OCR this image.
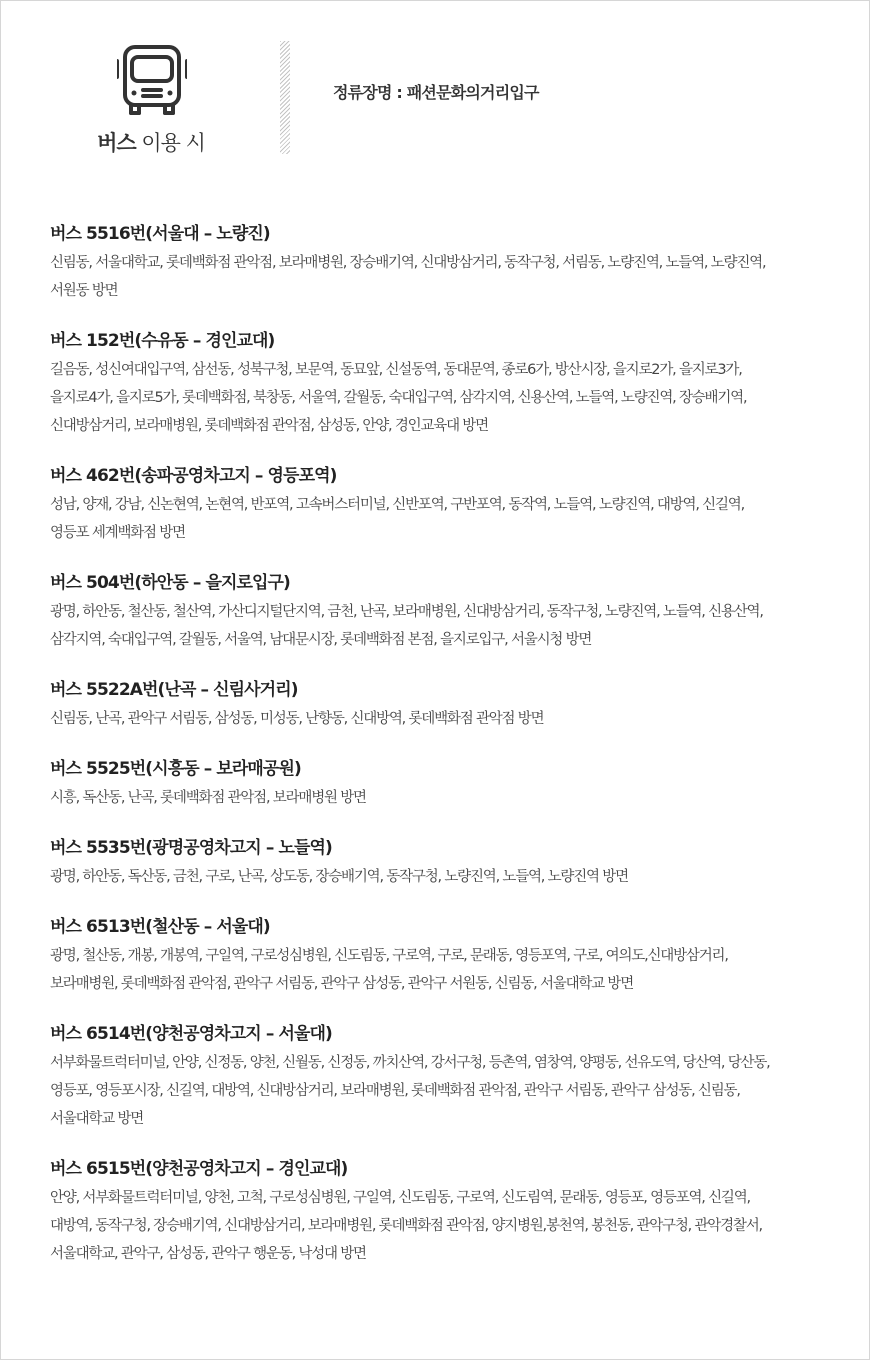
버스 이용 시
정류장명 : 패션문화의거리입구
버스 5516번(서울대 – 노량진)
신림동, 서울대학교, 롯데백화점 관악점, 보라매병원, 장승배기역, 신대방삼거리, 동작구청, 서림동, 노량진역, 노들역, 노량진역,
서원동 방면
버스 152번(수유동 – 경인교대)
길음동, 성신여대입구역, 삼선동, 성북구청, 보문역, 동묘앞, 신설동역, 동대문역, 종로6가, 방산시장, 을지로2가, 을지로3가,
을지로4가, 을지로5가, 롯데백화점, 북창동, 서울역, 갈월동, 숙대입구역, 삼각지역, 신용산역, 노들역, 노량진역, 장승배기역,
신대방삼거리, 보라매병원, 롯데백화점 관악점, 삼성동, 안양, 경인교육대 방면
버스 462번(송파공영차고지 – 영등포역)
성남, 양재, 강남, 신논현역, 논현역, 반포역, 고속버스터미널, 신반포역, 구반포역, 동작역, 노들역, 노량진역, 대방역, 신길역,
영등포 세계백화점 방면
버스 504번(하안동 – 을지로입구)
광명, 하안동, 철산동, 철산역, 가산디지털단지역, 금천, 난곡, 보라매병원, 신대방삼거리, 동작구청, 노량진역, 노들역, 신용산역,
삼각지역, 숙대입구역, 갈월동, 서울역, 남대문시장, 롯데백화점 본점, 을지로입구, 서울시청 방면
버스 5522A번(난곡 – 신림사거리)
신림동, 난곡, 관악구 서림동, 삼성동, 미성동, 난향동, 신대방역, 롯데백화점 관악점 방면
버스 5525번(시흥동 – 보라매공원)
시흥, 독산동, 난곡, 롯데백화점 관악점, 보라매병원 방면
버스 5535번(광명공영차고지 – 노들역)
광명, 하안동, 독산동, 금천, 구로, 난곡, 상도동, 장승배기역, 동작구청, 노량진역, 노들역, 노량진역 방면
버스 6513번(철산동 – 서울대)
광명, 철산동, 개봉, 개봉역, 구일역, 구로성심병원, 신도림동, 구로역, 구로, 문래동, 영등포역, 구로, 여의도,신대방삼거리,
보라매병원, 롯데백화점 관악점, 관악구 서림동, 관악구 삼성동, 관악구 서원동, 신림동, 서울대학교 방면
버스 6514번(양천공영차고지 – 서울대)
서부화물트럭터미널, 안양, 신정동, 양천, 신월동, 신정동, 까치산역, 강서구청, 등촌역, 염창역, 양평동, 선유도역, 당산역, 당산동,
영등포, 영등포시장, 신길역, 대방역, 신대방삼거리, 보라매병원, 롯데백화점 관악점, 관악구 서림동, 관악구 삼성동, 신림동,
서울대학교 방면
버스 6515번(양천공영차고지 – 경인교대)
안양, 서부화물트럭터미널, 양천, 고척, 구로성심병원, 구일역, 신도림동, 구로역, 신도림역, 문래동, 영등포, 영등포역, 신길역,
대방역, 동작구청, 장승배기역, 신대방삼거리, 보라매병원, 롯데백화점 관악점, 양지병원,봉천역, 봉천동, 관악구청, 관악경찰서,
서울대학교, 관악구, 삼성동, 관악구 행운동, 낙성대 방면
